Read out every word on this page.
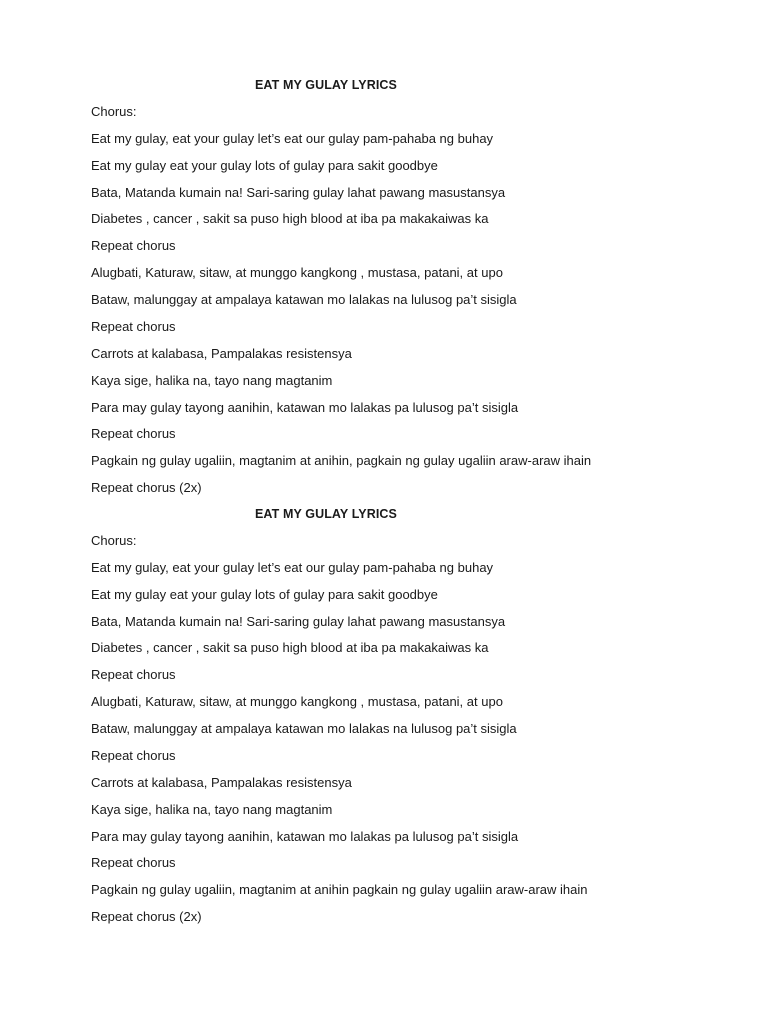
EAT MY GULAY LYRICS
Chorus:
Eat my gulay, eat your gulay let’s eat our gulay pam-pahaba ng buhay
Eat my gulay eat your gulay lots of gulay para sakit goodbye
Bata, Matanda kumain na! Sari-saring gulay lahat pawang masustansya
Diabetes , cancer , sakit sa puso high blood at iba pa makakaiwas ka
Repeat chorus
Alugbati, Katuraw, sitaw, at munggo kangkong , mustasa, patani, at upo
Bataw, malunggay at ampalaya katawan mo lalakas na lulusog pa’t sisigla
Repeat chorus
Carrots at kalabasa, Pampalakas resistensya
Kaya sige, halika na, tayo nang magtanim
Para may gulay tayong aanihin, katawan mo lalakas pa lulusog pa’t sisigla
Repeat chorus
Pagkain ng gulay ugaliin, magtanim at anihin, pagkain ng gulay ugaliin araw-araw ihain
Repeat chorus (2x)
EAT MY GULAY LYRICS
Chorus:
Eat my gulay, eat your gulay let’s eat our gulay pam-pahaba ng buhay
Eat my gulay eat your gulay lots of gulay para sakit goodbye
Bata, Matanda kumain na! Sari-saring gulay lahat pawang masustansya
Diabetes , cancer , sakit sa puso high blood at iba pa makakaiwas ka
Repeat chorus
Alugbati, Katuraw, sitaw, at munggo kangkong , mustasa, patani, at upo
Bataw, malunggay at ampalaya katawan mo lalakas na lulusog pa’t sisigla
Repeat chorus
Carrots at kalabasa, Pampalakas resistensya
Kaya sige, halika na, tayo nang magtanim
Para may gulay tayong aanihin, katawan mo lalakas pa lulusog pa’t sisigla
Repeat chorus
Pagkain ng gulay ugaliin, magtanim at anihin pagkain ng gulay ugaliin araw-araw ihain
Repeat chorus (2x)
